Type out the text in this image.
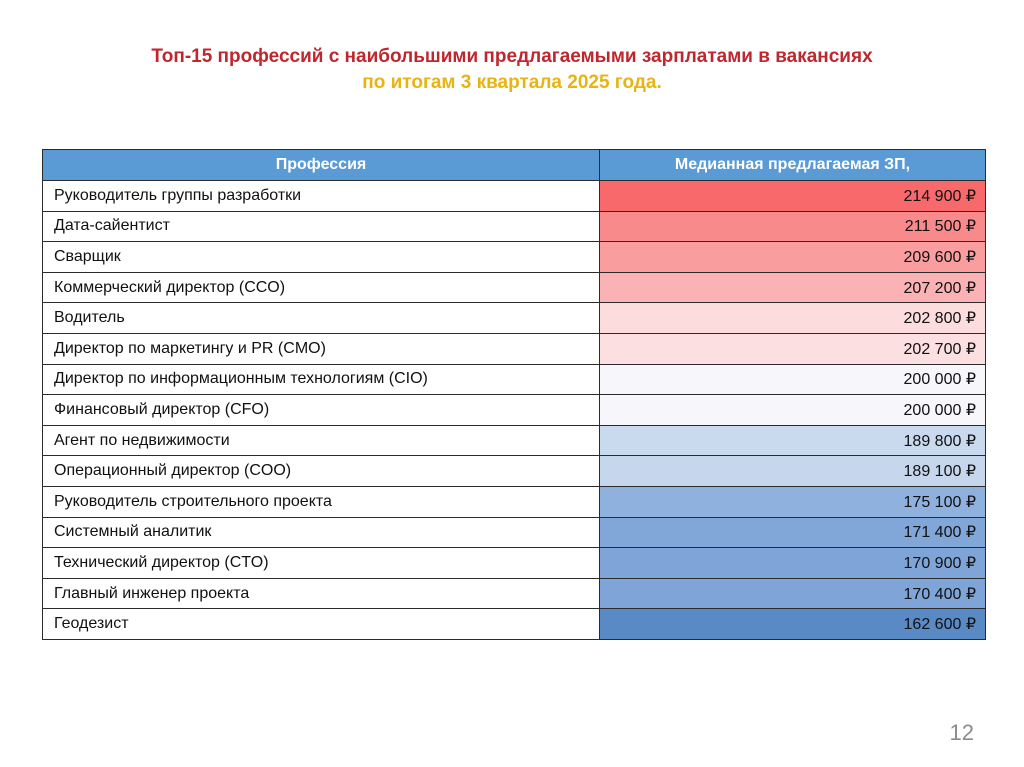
Топ-15 профессий с наибольшими предлагаемыми зарплатами в вакансиях
по итогам 3 квартала 2025 года.
Профессия	Медианная предлагаемая ЗП,
Руководитель группы разработки	214 900 ₽
Дата-сайентист	211 500 ₽
Сварщик	209 600 ₽
Коммерческий директор (CCO)	207 200 ₽
Водитель	202 800 ₽
Директор по маркетингу и PR (CMO)	202 700 ₽
Директор по информационным технологиям (CIO)	200 000 ₽
Финансовый директор (CFO)	200 000 ₽
Агент по недвижимости	189 800 ₽
Операционный директор (COO)	189 100 ₽
Руководитель строительного проекта	175 100 ₽
Системный аналитик	171 400 ₽
Технический директор (CTO)	170 900 ₽
Главный инженер проекта	170 400 ₽
Геодезист	162 600 ₽
12
